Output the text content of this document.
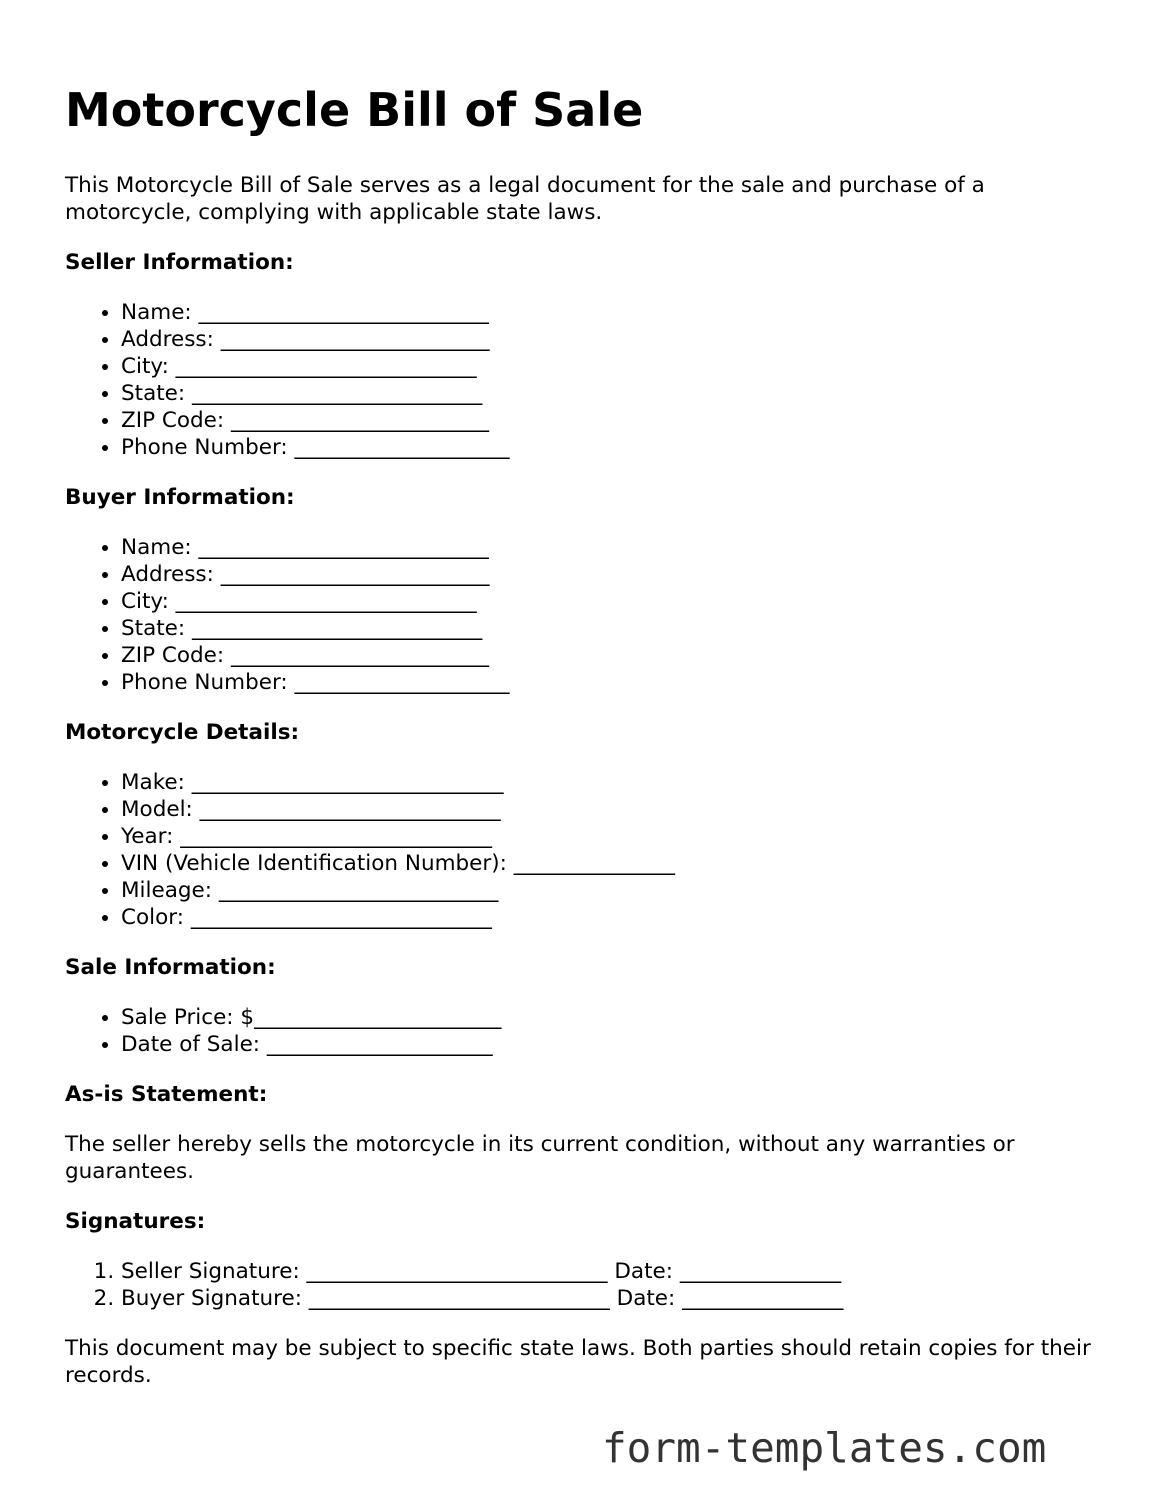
Motorcycle Bill of Sale

This Motorcycle Bill of Sale serves as a legal document for the sale and purchase of a motorcycle, complying with applicable state laws.

Seller Information:
• Name: ___________________________
• Address: _________________________
• City: ____________________________
• State: ___________________________
• ZIP Code: ________________________
• Phone Number: ____________________
Buyer Information:
• Name: ___________________________
• Address: _________________________
• City: ____________________________
• State: ___________________________
• ZIP Code: ________________________
• Phone Number: ____________________
Motorcycle Details:
• Make: _____________________________
• Model: ____________________________
• Year: _____________________________
• VIN (Vehicle Identification Number): _______________
• Mileage: __________________________
• Color: ____________________________
Sale Information:
• Sale Price: $_______________________
• Date of Sale: _____________________
As-is Statement:

The seller hereby sells the motorcycle in its current condition, without any warranties or guarantees.

Signatures:
1. Seller Signature: ____________________________ Date: _______________
2. Buyer Signature: ____________________________ Date: _______________

This document may be subject to specific state laws. Both parties should retain copies for their records.

form-templates.com
